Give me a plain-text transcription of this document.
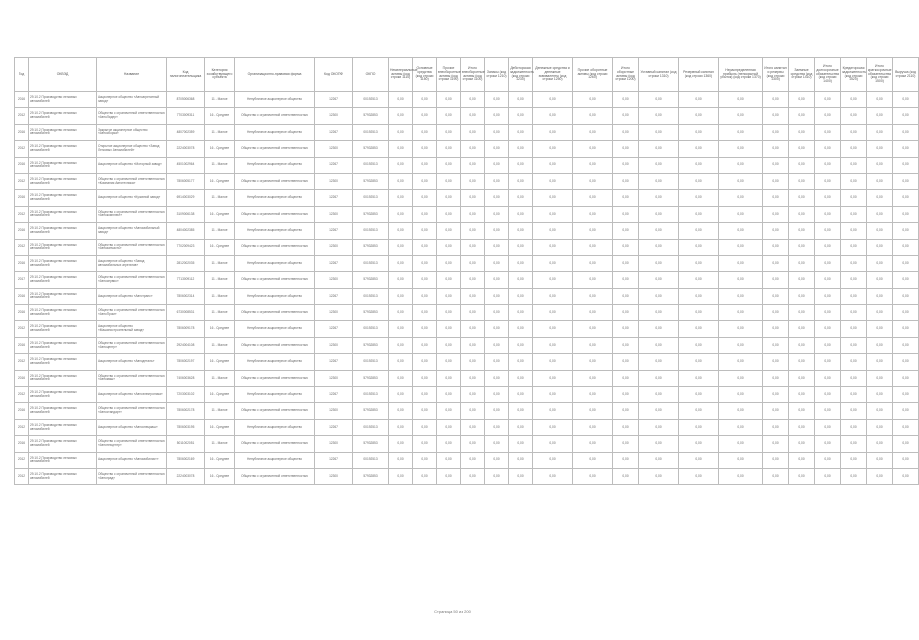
Год	ОКВЭД	Название	Код налогоплательщика	Категория хозяйствующего субъекта	Организационно-правовая форма	Код ОКОПФ	ОКПО	Нематериальные активы (код строки 1110)	Основные средства (код строки 1150)	Прочие внеоборотные активы (код строки 1190)	Итого внеоборотные активы (код строки 1100)	Запасы (код строки 1210)	Дебиторская задолженность (код строки 1230)	Денежные средства и денежные эквиваленты (код строки 1250)	Прочие оборотные активы (код строки 1260)	Итого оборотные активы (код строки 1200)	Уставный капитал (код строки 1310)	Резервный капитал (код строки 1360)	Нераспределенная прибыль (непокрытый убыток) (код строки 1370)	Итого капитал и резервы (код строки 1300)	Заемные средства (код строки 1410)	Итого долгосрочные обязательства (код строки 1400)	Кредиторская задолженность (код строки 1520)	Итого краткосрочные обязательства (код строки 1500)	Выручка (код строки 2110)
2016	29.10.2 Производство легковых автомобилей	Акционерное общество «Автоагрегатный завод»	8705006368	11 - Малое	Непубличное акционерное общество	12267	00192513	0,00	0,00	0,00	0,00	0,00	0,00	0,00	0,00	0,00	0,00	0,00	0,00	0,00	0,00	0,00	0,00	0,00	0,00
2012	29.10.2 Производство легковых автомобилей	Общество с ограниченной ответственностью «АвтоЛидер»	7703009311	16 - Среднее	Общество с ограниченной ответственностью	12300	57932853	0,00	0,00	0,00	0,00	0,00	0,00	0,00	0,00	0,00	0,00	0,00	0,00	0,00	0,00	0,00	0,00	0,00	0,00
2016	29.10.2 Производство легковых автомобилей	Закрытое акционерное общество «Автосборка»	4807002359	11 - Малое	Непубличное акционерное общество	12267	00192513	0,00	0,00	0,00	0,00	0,00	0,00	0,00	0,00	0,00	0,00	0,00	0,00	0,00	0,00	0,00	0,00	0,00	0,00
2012	29.10.2 Производство легковых автомобилей	Открытое акционерное общество «Завод Легковых Автомобилей»	2224003078	16 - Среднее	Общество с ограниченной ответственностью	12300	57932853	0,00	0,00	0,00	0,00	0,00	0,00	0,00	0,00	0,00	0,00	0,00	0,00	0,00	0,00	0,00	0,00	0,00	0,00
2016	29.10.2 Производство легковых автомобилей	Акционерное общество «Моторный завод»	4501002964	11 - Малое	Непубличное акционерное общество	12267	00192513	0,00	0,00	0,00	0,00	0,00	0,00	0,00	0,00	0,00	0,00	0,00	0,00	0,00	0,00	0,00	0,00	0,00	0,00
2012	29.10.2 Производство легковых автомобилей	Общество с ограниченной ответственностью «Компания Автотехника»	7806005177	16 - Среднее	Общество с ограниченной ответственностью	12300	57932853	0,00	0,00	0,00	0,00	0,00	0,00	0,00	0,00	0,00	0,00	0,00	0,00	0,00	0,00	0,00	0,00	0,00	0,00
2016	29.10.2 Производство легковых автомобилей	Акционерное общество «Кузовной завод»	6914003029	11 - Малое	Непубличное акционерное общество	12267	00192513	0,00	0,00	0,00	0,00	0,00	0,00	0,00	0,00	0,00	0,00	0,00	0,00	0,00	0,00	0,00	0,00	0,00	0,00
2012	29.10.2 Производство легковых автомобилей	Общество с ограниченной ответственностью «Автокомплект»	3109006138	16 - Среднее	Общество с ограниченной ответственностью	12300	57932853	0,00	0,00	0,00	0,00	0,00	0,00	0,00	0,00	0,00	0,00	0,00	0,00	0,00	0,00	0,00	0,00	0,00	0,00
2016	29.10.2 Производство легковых автомобилей	Акционерное общество «Автомобильный завод»	4804002385	11 - Малое	Непубличное акционерное общество	12267	00192513	0,00	0,00	0,00	0,00	0,00	0,00	0,00	0,00	0,00	0,00	0,00	0,00	0,00	0,00	0,00	0,00	0,00	0,00
2012	29.10.2 Производство легковых автомобилей	Общество с ограниченной ответственностью «Автозапчасть»	7702009423	16 - Среднее	Общество с ограниченной ответственностью	12300	57932853	0,00	0,00	0,00	0,00	0,00	0,00	0,00	0,00	0,00	0,00	0,00	0,00	0,00	0,00	0,00	0,00	0,00	0,00
2016	29.10.2 Производство легковых автомобилей	Акционерное общество «Завод автомобильных агрегатов»	2812002035	11 - Малое	Непубличное акционерное общество	12267	00192513	0,00	0,00	0,00	0,00	0,00	0,00	0,00	0,00	0,00	0,00	0,00	0,00	0,00	0,00	0,00	0,00	0,00	0,00
2017	29.10.2 Производство легковых автомобилей	Общество с ограниченной ответственностью «Автосервис»	7713009112	11 - Малое	Общество с ограниченной ответственностью	12300	57932853	0,00	0,00	0,00	0,00	0,00	0,00	0,00	0,00	0,00	0,00	0,00	0,00	0,00	0,00	0,00	0,00	0,00	0,00
2016	29.10.2 Производство легковых автомобилей	Акционерное общество «Автотранс»	7806002314	11 - Малое	Непубличное акционерное общество	12267	00192513	0,00	0,00	0,00	0,00	0,00	0,00	0,00	0,00	0,00	0,00	0,00	0,00	0,00	0,00	0,00	0,00	0,00	0,00
2016	29.10.2 Производство легковых автомобилей	Общество с ограниченной ответственностью «АвтоПром»	6730008531	11 - Малое	Общество с ограниченной ответственностью	12300	57932853	0,00	0,00	0,00	0,00	0,00	0,00	0,00	0,00	0,00	0,00	0,00	0,00	0,00	0,00	0,00	0,00	0,00	0,00
2012	29.10.2 Производство легковых автомобилей	Акционерное общество «Машиностроительный завод»	7806009178	16 - Среднее	Непубличное акционерное общество	12267	00192513	0,00	0,00	0,00	0,00	0,00	0,00	0,00	0,00	0,00	0,00	0,00	0,00	0,00	0,00	0,00	0,00	0,00	0,00
2016	29.10.2 Производство легковых автомобилей	Общество с ограниченной ответственностью «Автоцентр»	2924004108	11 - Малое	Общество с ограниченной ответственностью	12300	57932853	0,00	0,00	0,00	0,00	0,00	0,00	0,00	0,00	0,00	0,00	0,00	0,00	0,00	0,00	0,00	0,00	0,00	0,00
2012	29.10.2 Производство легковых автомобилей	Акционерное общество «Автодеталь»	7806002197	16 - Среднее	Непубличное акционерное общество	12267	00192513	0,00	0,00	0,00	0,00	0,00	0,00	0,00	0,00	0,00	0,00	0,00	0,00	0,00	0,00	0,00	0,00	0,00	0,00
2016	29.10.2 Производство легковых автомобилей	Общество с ограниченной ответственностью «Автомаш»	7406003628	11 - Малое	Общество с ограниченной ответственностью	12300	57932853	0,00	0,00	0,00	0,00	0,00	0,00	0,00	0,00	0,00	0,00	0,00	0,00	0,00	0,00	0,00	0,00	0,00	0,00
2012	29.10.2 Производство легковых автомобилей	Акционерное общество «Автоэлектроника»	7203003102	16 - Среднее	Непубличное акционерное общество	12267	00192513	0,00	0,00	0,00	0,00	0,00	0,00	0,00	0,00	0,00	0,00	0,00	0,00	0,00	0,00	0,00	0,00	0,00	0,00
2016	29.10.2 Производство легковых автомобилей	Общество с ограниченной ответственностью «Автостандарт»	7806002178	11 - Малое	Общество с ограниченной ответственностью	12300	57932853	0,00	0,00	0,00	0,00	0,00	0,00	0,00	0,00	0,00	0,00	0,00	0,00	0,00	0,00	0,00	0,00	0,00	0,00
2012	29.10.2 Производство легковых автомобилей	Акционерное общество «Автоспецмаш»	7806003195	16 - Среднее	Непубличное акционерное общество	12267	00192513	0,00	0,00	0,00	0,00	0,00	0,00	0,00	0,00	0,00	0,00	0,00	0,00	0,00	0,00	0,00	0,00	0,00	0,00
2016	29.10.2 Производство легковых автомобилей	Общество с ограниченной ответственностью «Автотехцентр»	5011002051	11 - Малое	Общество с ограниченной ответственностью	12300	57932853	0,00	0,00	0,00	0,00	0,00	0,00	0,00	0,00	0,00	0,00	0,00	0,00	0,00	0,00	0,00	0,00	0,00	0,00
2012	29.10.2 Производство легковых автомобилей	Акционерное общество «Автомобилист»	7806002169	16 - Среднее	Непубличное акционерное общество	12267	00192513	0,00	0,00	0,00	0,00	0,00	0,00	0,00	0,00	0,00	0,00	0,00	0,00	0,00	0,00	0,00	0,00	0,00	0,00
2012	29.10.2 Производство легковых автомобилей	Общество с ограниченной ответственностью «Автоград»	2224003078	16 - Среднее	Общество с ограниченной ответственностью	12300	57932853	0,00	0,00	0,00	0,00	0,00	0,00	0,00	0,00	0,00	0,00	0,00	0,00	0,00	0,00	0,00	0,00	0,00	0,00
Страница 50 из 200
